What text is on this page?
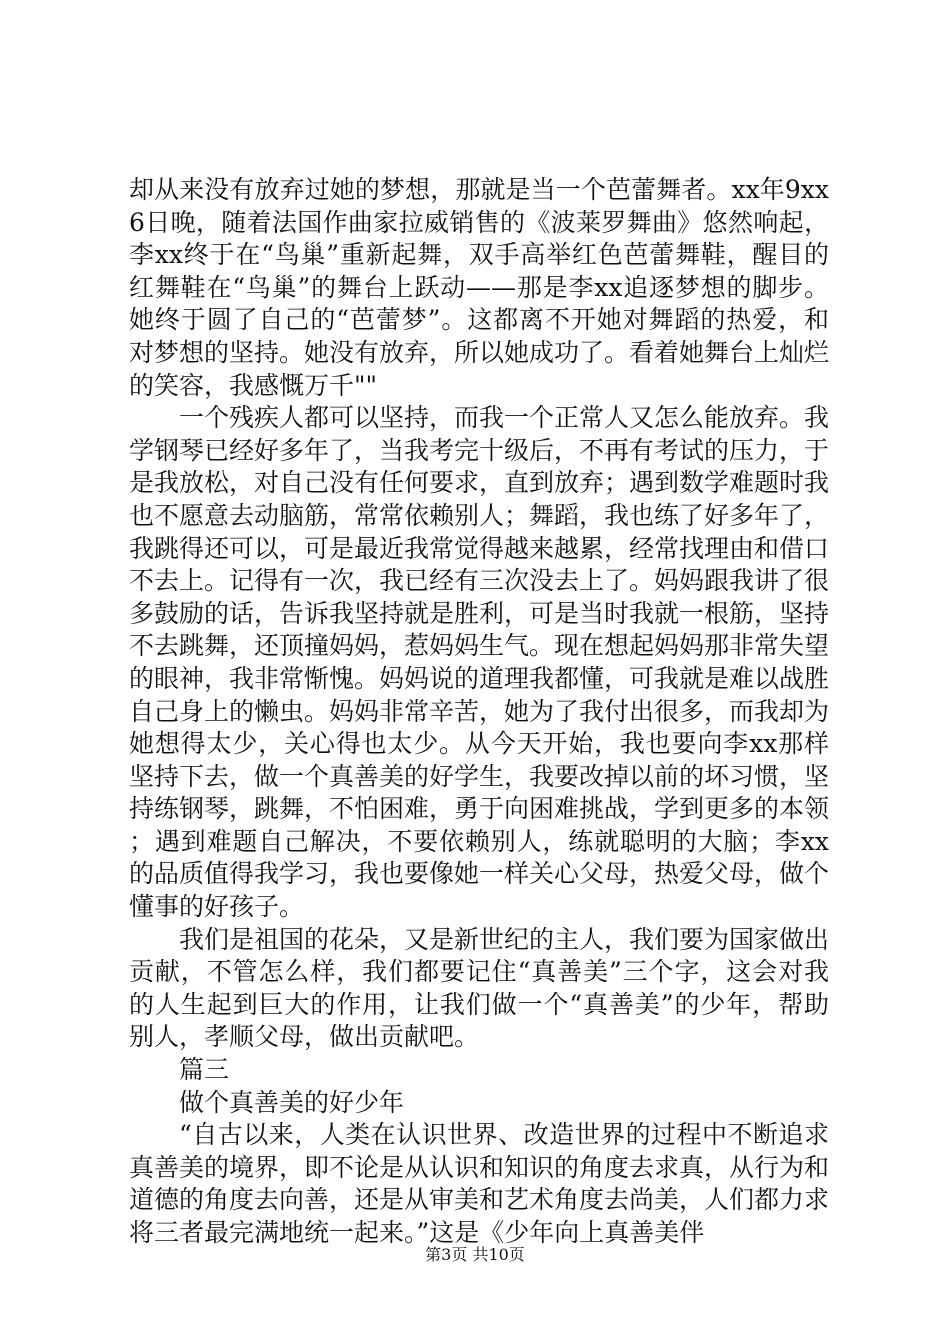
却从来没有放弃过她的梦想，那就是当一个芭蕾舞者。xx年9xx6日晚，随着法国作曲家拉威销售的《波莱罗舞曲》悠然响起，李xx终于在“鸟巢”重新起舞，双手高举红色芭蕾舞鞋，醒目的红舞鞋在“鸟巢”的舞台上跃动——那是李xx追逐梦想的脚步。她终于圆了自己的“芭蕾梦”。这都离不开她对舞蹈的热爱，和对梦想的坚持。她没有放弃，所以她成功了。看着她舞台上灿烂的笑容，我感慨万千""

一个残疾人都可以坚持，而我一个正常人又怎么能放弃。我学钢琴已经好多年了，当我考完十级后，不再有考试的压力，于是我放松，对自己没有任何要求，直到放弃；遇到数学难题时我也不愿意去动脑筋，常常依赖别人；舞蹈，我也练了好多年了，我跳得还可以，可是最近我常觉得越来越累，经常找理由和借口不去上。记得有一次，我已经有三次没去上了。妈妈跟我讲了很多鼓励的话，告诉我坚持就是胜利，可是当时我就一根筋，坚持不去跳舞，还顶撞妈妈，惹妈妈生气。现在想起妈妈那非常失望的眼神，我非常惭愧。妈妈说的道理我都懂，可我就是难以战胜自己身上的懒虫。妈妈非常辛苦，她为了我付出很多，而我却为她想得太少，关心得也太少。从今天开始，我也要向李xx那样坚持下去，做一个真善美的好学生，我要改掉以前的坏习惯，坚持练钢琴，跳舞，不怕困难，勇于向困难挑战，学到更多的本领；遇到难题自己解决，不要依赖别人，练就聪明的大脑；李xx的品质值得我学习，我也要像她一样关心父母，热爱父母，做个懂事的好孩子。

我们是祖国的花朵，又是新世纪的主人，我们要为国家做出贡献，不管怎么样，我们都要记住“真善美”三个字，这会对我的人生起到巨大的作用，让我们做一个“真善美”的少年，帮助别人，孝顺父母，做出贡献吧。

篇三

做个真善美的好少年

“自古以来，人类在认识世界、改造世界的过程中不断追求真善美的境界，即不论是从认识和知识的角度去求真，从行为和道德的角度去向善，还是从审美和艺术角度去尚美，人们都力求将三者最完满地统一起来。”这是《少年向上真善美伴

第3页 共10页
